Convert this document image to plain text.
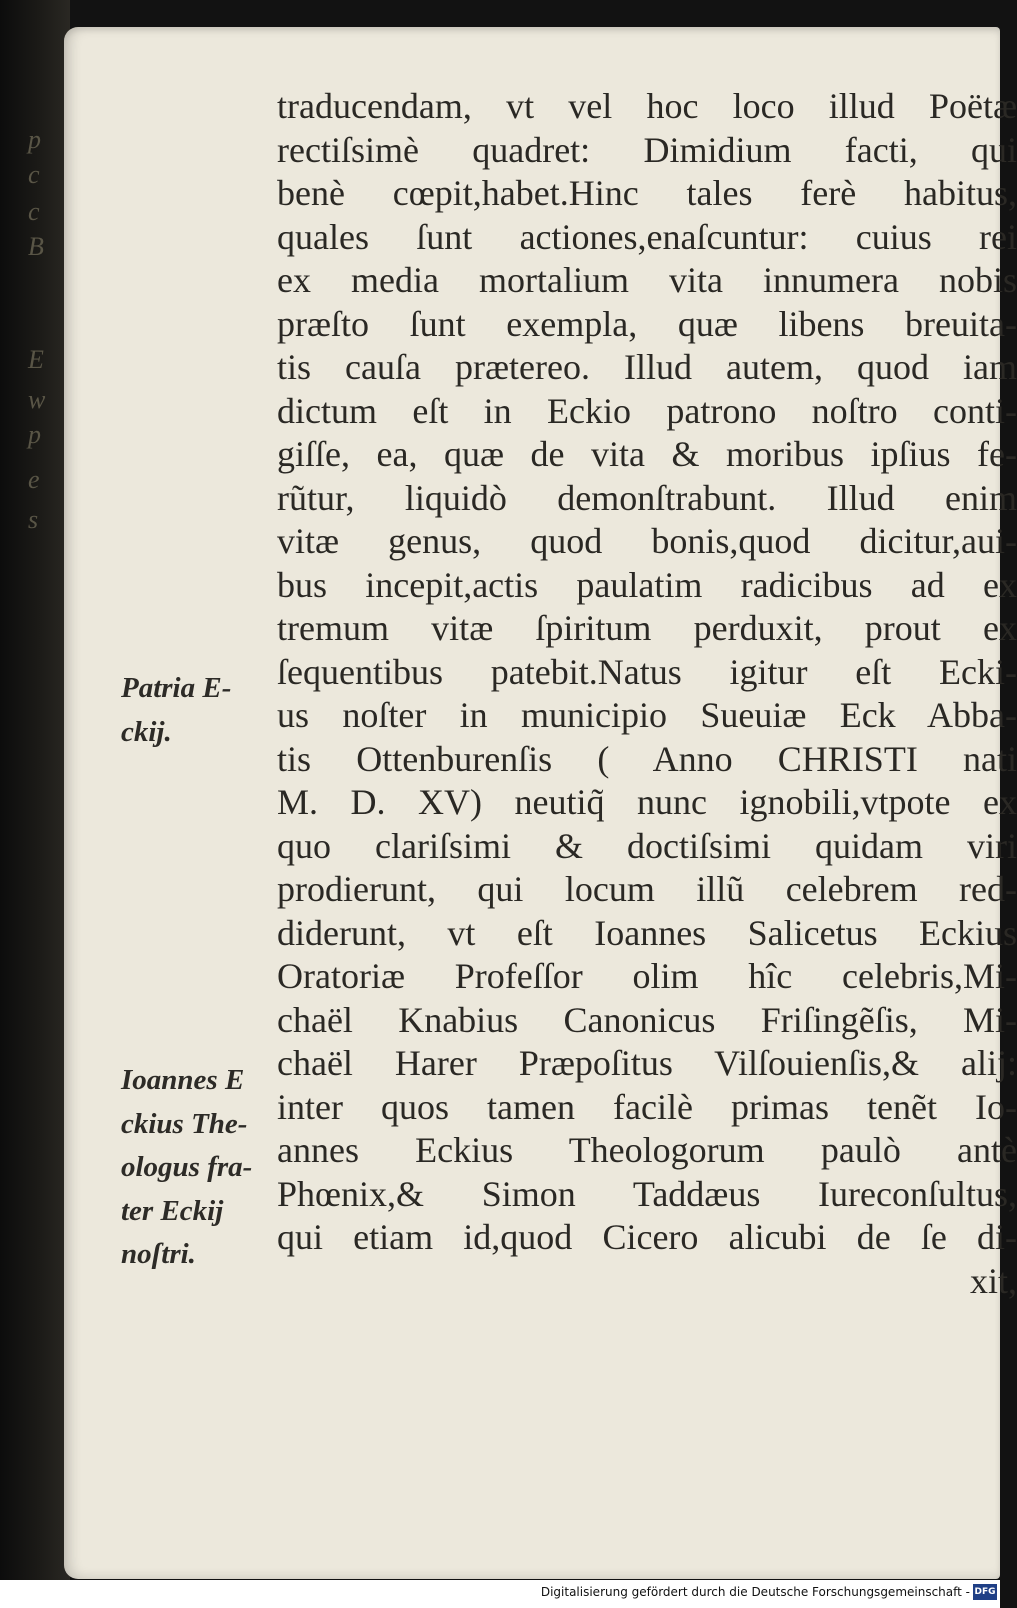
p
c
c
B
E
w
p
e
s
traducendam, vt vel hoc loco illud Poëtæ
rectiſsimè quadret: Dimidium facti, qui
benè cœpit,habet.Hinc tales ferè habitus,
quales ſunt actiones,enaſcuntur: cuius rei
ex media mortalium vita innumera nobis
præſto ſunt exempla, quæ libens breuita-
tis cauſa prætereo. Illud autem, quod iam
dictum eſt in Eckio patrono noſtro conti-
giſſe, ea, quæ de vita & moribus ipſius fe-
rũtur, liquidò demonſtrabunt. Illud enim
vitæ genus, quod bonis,quod dicitur,aui-
bus incepit,actis paulatim radicibus ad ex
tremum vitæ ſpiritum perduxit, prout ex
ſequentibus patebit.Natus igitur eſt Ecki-
us noſter in municipio Sueuiæ Eck Abba-
tis Ottenburenſis ( Anno CHRISTI nati
M. D. XV) neutiq̃ nunc ignobili,vtpote ex
quo clariſsimi & doctiſsimi quidam viri
prodierunt, qui locum illũ celebrem red-
diderunt, vt eſt Ioannes Salicetus Eckius
Oratoriæ Profeſſor olim hîc celebris,Mi-
chaël Knabius Canonicus Friſingẽſis, Mi-
chaël Harer Præpoſitus Vilſouienſis,& alij:
inter quos tamen facilè primas tenẽt Io-
annes Eckius Theologorum paulò antè
Phœnix,& Simon Taddæus Iureconſultus,
qui etiam id,quod Cicero alicubi de ſe di-
xit,
Patria E-
ckij.
Ioannes E
ckius The-
ologus fra-
ter Eckij
noſtri.
Digitalisierung gefördert durch die Deutsche Forschungsgemeinschaft - DFG
